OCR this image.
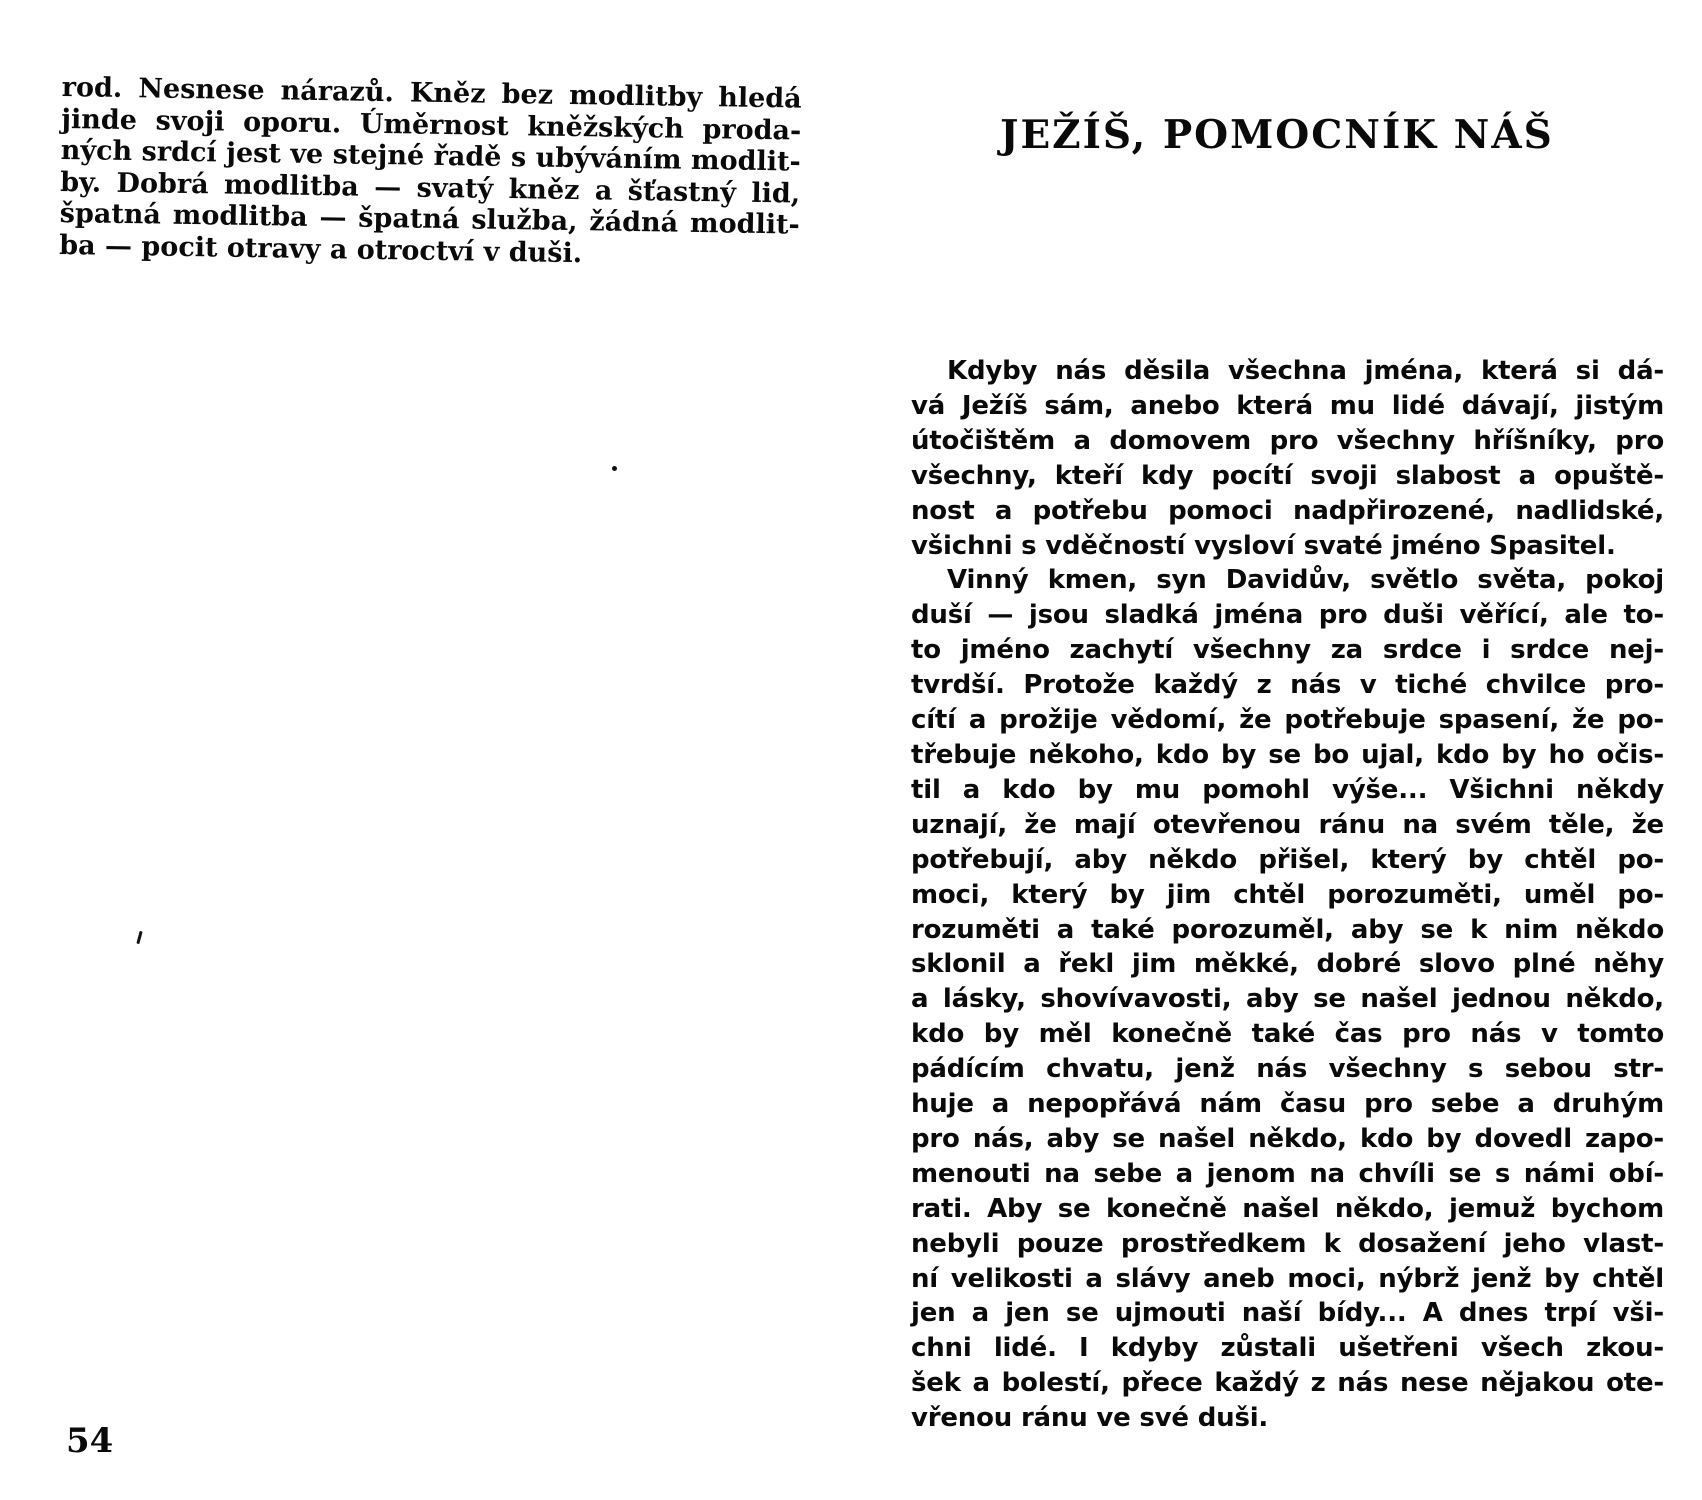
rod. Nesnese nárazů. Kněz bez modlitby hledá
jinde svoji oporu. Úměrnost kněžských proda-
ných srdcí jest ve stejné řadě s ubýváním modlit-
by. Dobrá modlitba — svatý kněz a šťastný lid,
špatná modlitba — špatná služba, žádná modlit-
ba — pocit otravy a otroctví v duši.

54

JEŽÍŠ, POMOCNÍK NÁŠ
Kdyby nás děsila všechna jména, která si dá-
vá Ježíš sám, anebo která mu lidé dávají, jistým
útočištěm a domovem pro všechny hříšníky, pro
všechny, kteří kdy pocítí svoji slabost a opuště-
nost a potřebu pomoci nadpřirozené, nadlidské,
všichni s vděčností vysloví svaté jméno Spasitel.
Vinný kmen, syn Davidův, světlo světa, pokoj
duší — jsou sladká jména pro duši věřící, ale to-
to jméno zachytí všechny za srdce i srdce nej-
tvrdší. Protože každý z nás v tiché chvilce pro-
cítí a prožije vědomí, že potřebuje spasení, že po-
třebuje někoho, kdo by se bo ujal, kdo by ho očis-
til a kdo by mu pomohl výše... Všichni někdy
uznají, že mají otevřenou ránu na svém těle, že
potřebují, aby někdo přišel, který by chtěl po-
moci, který by jim chtěl porozuměti, uměl po-
rozuměti a také porozuměl, aby se k nim někdo
sklonil a řekl jim měkké, dobré slovo plné něhy
a lásky, shovívavosti, aby se našel jednou někdo,
kdo by měl konečně také čas pro nás v tomto
pádícím chvatu, jenž nás všechny s sebou str-
huje a nepopřává nám času pro sebe a druhým
pro nás, aby se našel někdo, kdo by dovedl zapo-
menouti na sebe a jenom na chvíli se s námi obí-
rati. Aby se konečně našel někdo, jemuž bychom
nebyli pouze prostředkem k dosažení jeho vlast-
ní velikosti a slávy aneb moci, nýbrž jenž by chtěl
jen a jen se ujmouti naší bídy... A dnes trpí vši-
chni lidé. I kdyby zůstali ušetřeni všech zkou-
šek a bolestí, přece každý z nás nese nějakou ote-
vřenou ránu ve své duši.
